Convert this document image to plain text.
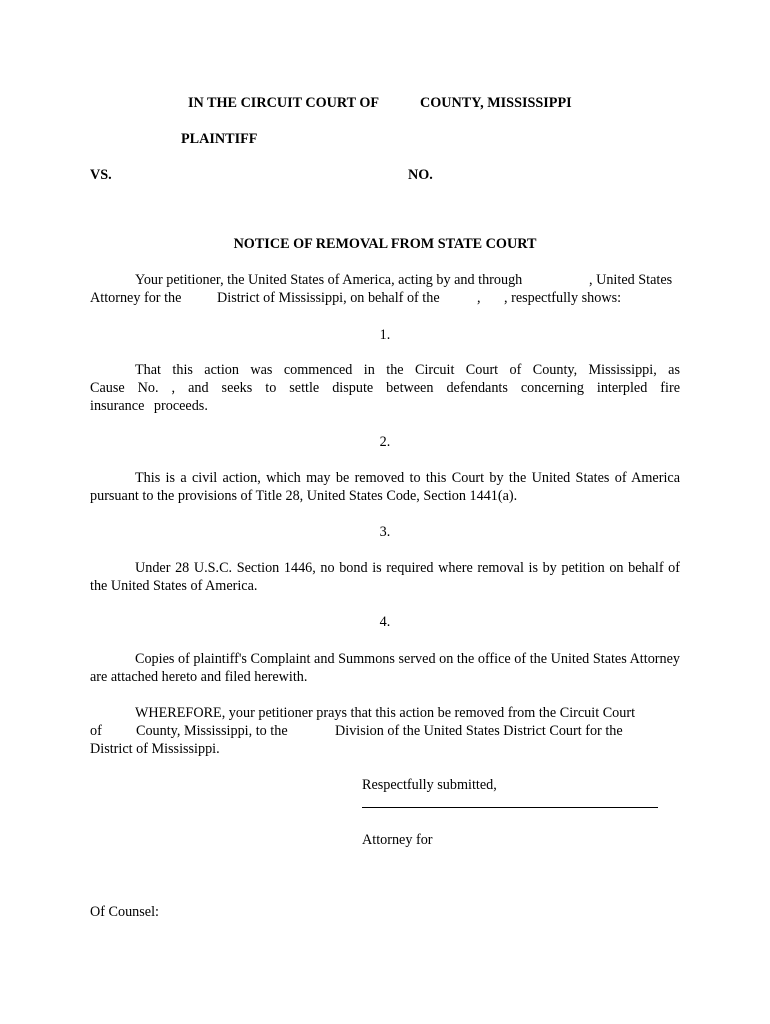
IN THE CIRCUIT COURT OF	COUNTY, MISSISSIPPI
PLAINTIFF
VS.	NO.
NOTICE OF REMOVAL FROM STATE COURT
Your petitioner, the United States of America, acting by and through	, United States
Attorney for the	District of Mississippi, on behalf of the	, , respectfully shows:
1.
That this action was commenced in the Circuit Court of County, Mississippi, as Cause No. , and seeks to settle dispute between defendants concerning interpled fire insurance proceeds.
2.
This is a civil action, which may be removed to this Court by the United States of America pursuant to the provisions of Title 28, United States Code, Section 1441(a).
3.
Under 28 U.S.C. Section 1446, no bond is required where removal is by petition on behalf of the United States of America.
4.
Copies of plaintiff's Complaint and Summons served on the office of the United States Attorney are attached hereto and filed herewith.
WHEREFORE, your petitioner prays that this action be removed from the Circuit Court
of County, Mississippi, to the	Division of the United States District Court for the
District of Mississippi.
Respectfully submitted,
Attorney for
Of Counsel:
